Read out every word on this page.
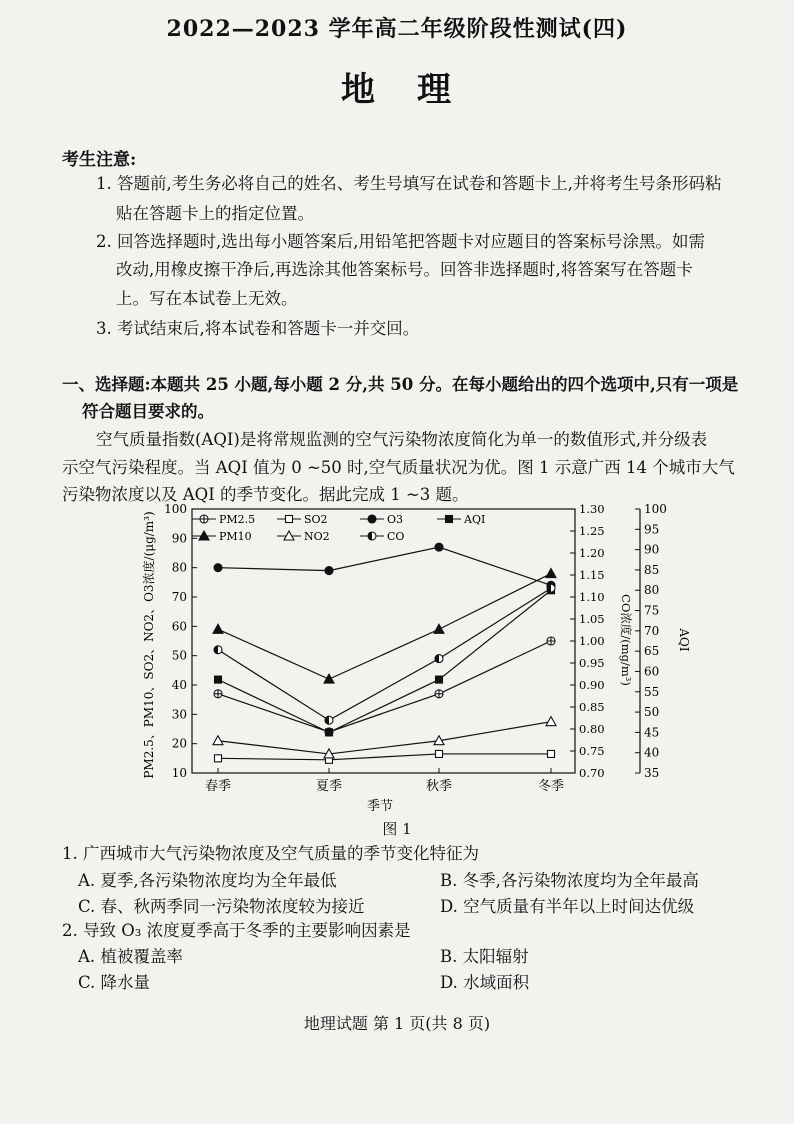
2022—2023 学年高二年级阶段性测试(四)
地理
考生注意:
1. 答题前,考生务必将自己的姓名、考生号填写在试卷和答题卡上,并将考生号条形码粘
贴在答题卡上的指定位置。
2. 回答选择题时,选出每小题答案后,用铅笔把答题卡对应题目的答案标号涂黑。如需
改动,用橡皮擦干净后,再选涂其他答案标号。回答非选择题时,将答案写在答题卡
上。写在本试卷上无效。
3. 考试结束后,将本试卷和答题卡一并交回。
一、选择题:本题共 25 小题,每小题 2 分,共 50 分。在每小题给出的四个选项中,只有一项是
符合题目要求的。
空气质量指数(AQI)是将常规监测的空气污染物浓度简化为单一的数值形式,并分级表
示空气污染程度。当 AQI 值为 0 ~50 时,空气质量状况为优。图 1 示意广西 14 个城市大气
污染物浓度以及 AQI 的季节变化。据此完成 1 ~3 题。
10
20
30
40
50
60
70
80
90
100
0.70
0.75
0.80
0.85
0.90
0.95
1.00
1.05
1.10
1.15
1.20
1.25
1.30
35
40
45
50
55
60
65
70
75
80
85
90
95
100
春季	夏季	秋季	冬季
PM2.5	SO2	O3	AQI
PM10	NO2	CO
PM2.5、PM10、SO2、NO2、O3浓度/(μg/m³)	CO浓度/(mg/m³)	AQI
季节
图 1
1. 广西城市大气污染物浓度及空气质量的季节变化特征为
A. 夏季,各污染物浓度均为全年最低	B. 冬季,各污染物浓度均为全年最高
C. 春、秋两季同一污染物浓度较为接近	D. 空气质量有半年以上时间达优级
2. 导致 O₃ 浓度夏季高于冬季的主要影响因素是
A. 植被覆盖率	B. 太阳辐射
C. 降水量	D. 水域面积
地理试题 第 1 页(共 8 页)
